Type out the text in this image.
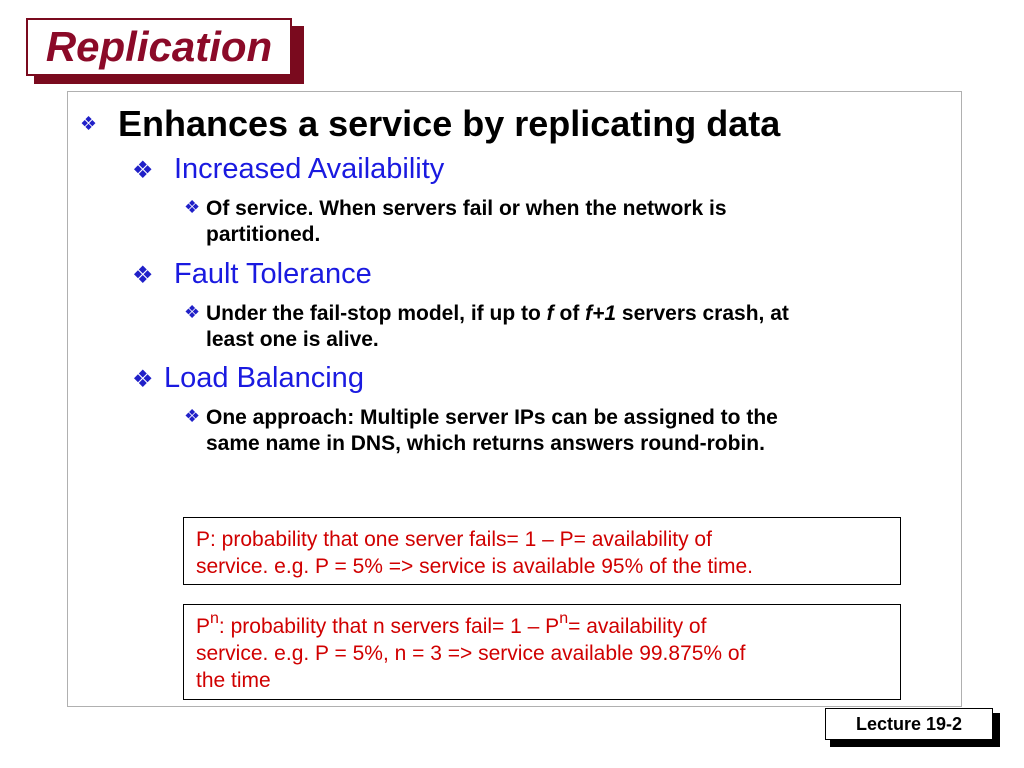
Replication
❖ Enhances a service by replicating data
❖ Increased Availability
❖ Of service. When servers fail or when the network is
partitioned.
❖ Fault Tolerance
❖ Under the fail-stop model, if up to f of f+1 servers crash, at
least one is alive.
❖ Load Balancing
❖ One approach: Multiple server IPs can be assigned to the
same name in DNS, which returns answers round-robin.
P: probability that one server fails= 1 – P= availability of
service. e.g. P = 5% => service is available 95% of the time.
$P^n$: probability that n servers fail= $1 - P^n=$ availability of
service. e.g. P = 5%, n = 3 => service available 99.875% of
the time
Lecture 19-2
